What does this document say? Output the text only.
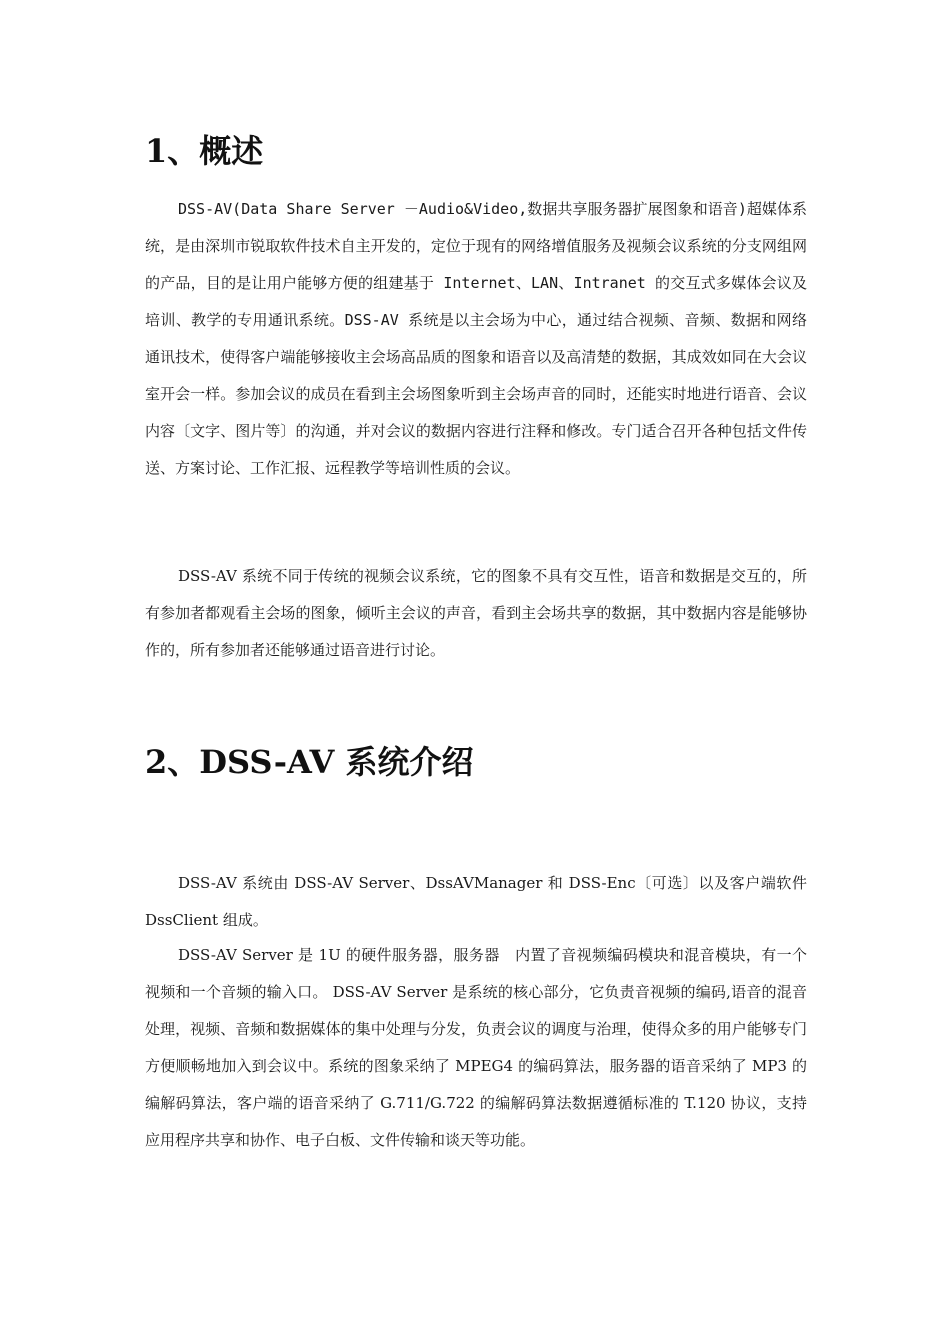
1、概述

DSS-AV(Data Share Server －Audio&Video,数据共享服务器扩展图象和语音)超媒体系统，是由深圳市锐取软件技术自主开发的，定位于现有的网络增值服务及视频会议系统的分支网组网的产品，目的是让用户能够方便的组建基于 Internet、LAN、Intranet 的交互式多媒体会议及培训、教学的专用通讯系统。DSS-AV 系统是以主会场为中心，通过结合视频、音频、数据和网络通讯技术，使得客户端能够接收主会场高品质的图象和语音以及高清楚的数据，其成效如同在大会议室开会一样。参加会议的成员在看到主会场图象听到主会场声音的同时，还能实时地进行语音、会议内容〔文字、图片等〕的沟通，并对会议的数据内容进行注释和修改。专门适合召开各种包括文件传送、方案讨论、工作汇报、远程教学等培训性质的会议。

DSS-AV 系统不同于传统的视频会议系统，它的图象不具有交互性，语音和数据是交互的，所有参加者都观看主会场的图象，倾听主会议的声音，看到主会场共享的数据，其中数据内容是能够协作的，所有参加者还能够通过语音进行讨论。

2、DSS-AV 系统介绍

DSS-AV 系统由 DSS-AV Server、DssAVManager 和 DSS-Enc〔可选〕以及客户端软件 DssClient 组成。

DSS-AV Server 是 1U 的硬件服务器，服务器　内置了音视频编码模块和混音模块，有一个视频和一个音频的输入口。 DSS-AV Server 是系统的核心部分，它负责音视频的编码,语音的混音处理，视频、音频和数据媒体的集中处理与分发，负责会议的调度与治理，使得众多的用户能够专门方便顺畅地加入到会议中。系统的图象采纳了 MPEG4 的编码算法，服务器的语音采纳了 MP3 的编解码算法，客户端的语音采纳了 G.711/G.722 的编解码算法数据遵循标准的 T.120 协议，支持应用程序共享和协作、电子白板、文件传输和谈天等功能。
